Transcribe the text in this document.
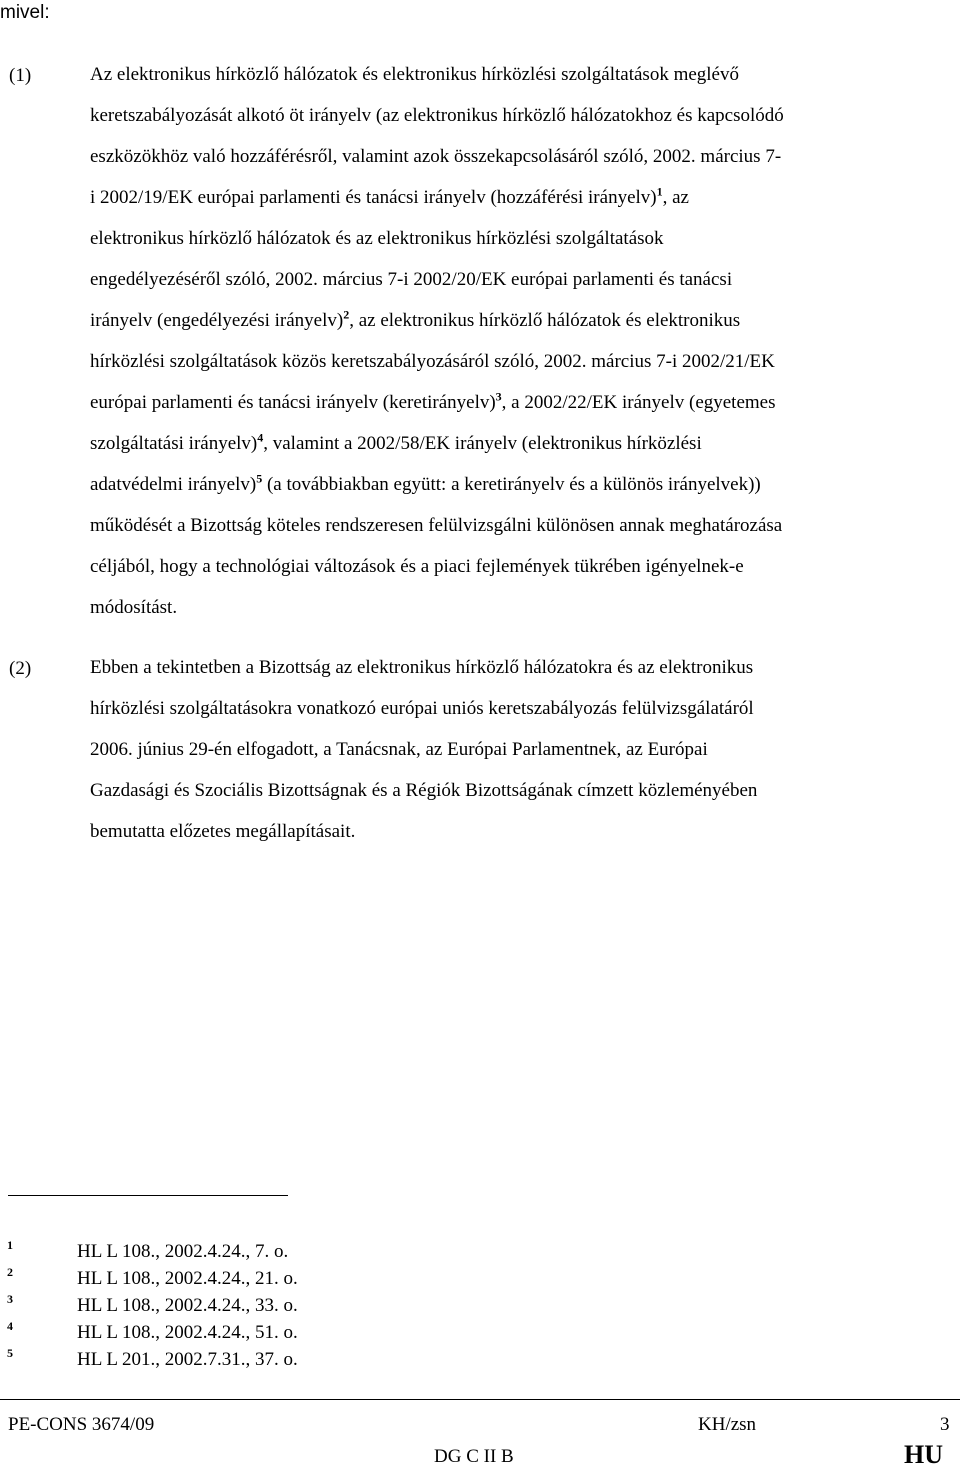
mivel:
(1)	Az elektronikus hírközlő hálózatok és elektronikus hírközlési szolgáltatások meglévő
keretszabályozását alkotó öt irányelv (az elektronikus hírközlő hálózatokhoz és kapcsolódó
eszközökhöz való hozzáférésről, valamint azok összekapcsolásáról szóló, 2002. március 7-
i 2002/19/EK európai parlamenti és tanácsi irányelv (hozzáférési irányelv)$^1$, az
elektronikus hírközlő hálózatok és az elektronikus hírközlési szolgáltatások
engedélyezéséről szóló, 2002. március 7-i 2002/20/EK európai parlamenti és tanácsi
irányelv (engedélyezési irányelv)$^2$, az elektronikus hírközlő hálózatok és elektronikus
hírközlési szolgáltatások közös keretszabályozásáról szóló, 2002. március 7-i 2002/21/EK
európai parlamenti és tanácsi irányelv (keretirányelv)$^3$, a 2002/22/EK irányelv (egyetemes
szolgáltatási irányelv)$^4$, valamint a 2002/58/EK irányelv (elektronikus hírközlési
adatvédelmi irányelv)$^5$ (a továbbiakban együtt: a keretirányelv és a különös irányelvek))
működését a Bizottság köteles rendszeresen felülvizsgálni különösen annak meghatározása
céljából, hogy a technológiai változások és a piaci fejlemények tükrében igényelnek-e
módosítást.
(2)	Ebben a tekintetben a Bizottság az elektronikus hírközlő hálózatokra és az elektronikus
hírközlési szolgáltatásokra vonatkozó európai uniós keretszabályozás felülvizsgálatáról
2006. június 29-én elfogadott, a Tanácsnak, az Európai Parlamentnek, az Európai
Gazdasági és Szociális Bizottságnak és a Régiók Bizottságának címzett közleményében
bemutatta előzetes megállapításait.
1	HL L 108., 2002.4.24., 7. o.
2	HL L 108., 2002.4.24., 21. o.
3	HL L 108., 2002.4.24., 33. o.
4	HL L 108., 2002.4.24., 51. o.
5	HL L 201., 2002.7.31., 37. o.
PE-CONS 3674/09	KH/zsn	3
DG C II B	HU
